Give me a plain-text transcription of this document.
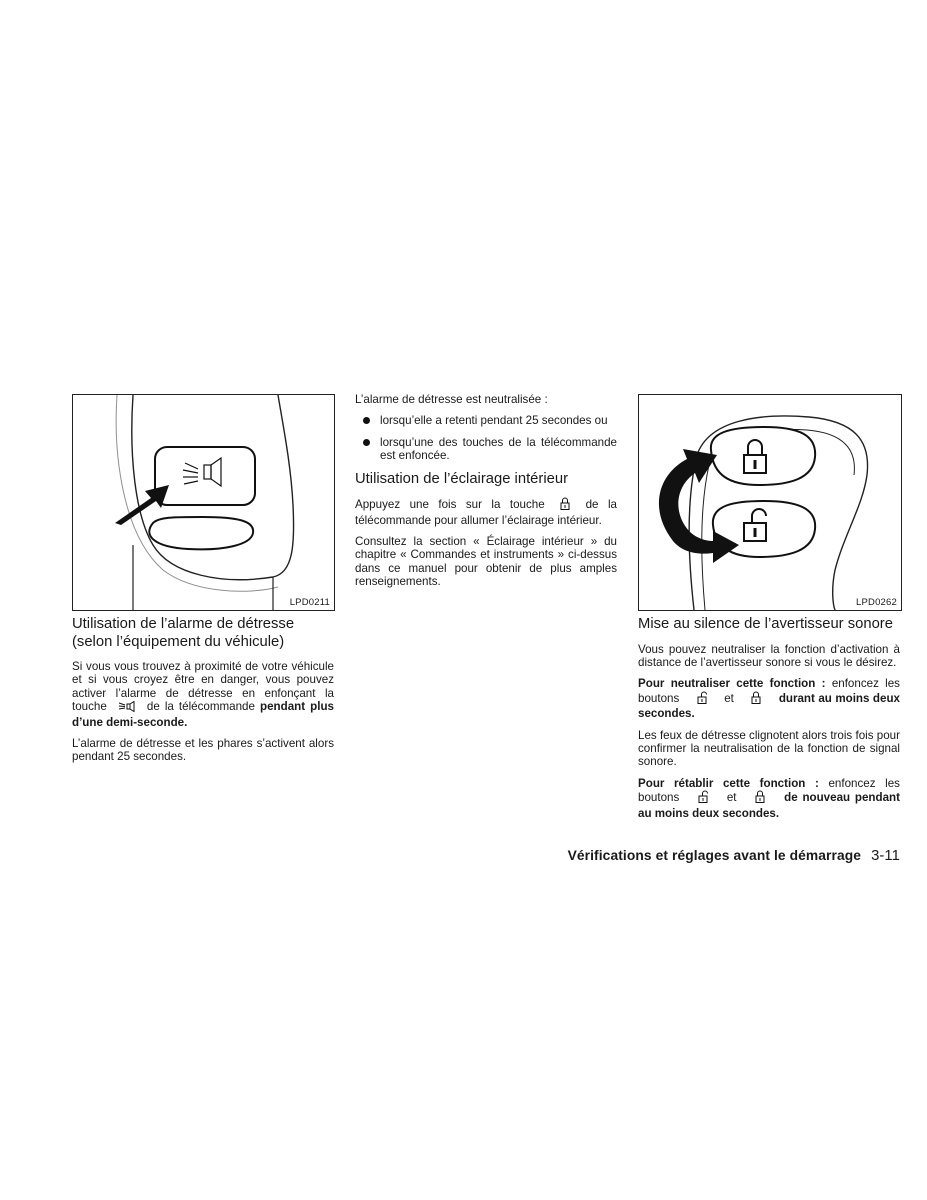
LPD0211
Utilisation de l’alarme de détresse (selon l’équipement du véhicule)

Si vous vous trouvez à proximité de votre véhicule et si vous croyez être en danger, vous pouvez activer l’alarme de détresse en enfonçant la touche	de la télécommande pendant plus d’une demi-seconde.

L’alarme de détresse et les phares s’activent alors pendant 25 secondes.

L’alarme de détresse est neutralisée :

lorsqu’elle a retenti pendant 25 secondes ou
lorsqu’une des touches de la télécommande est enfoncée.
Utilisation de l’éclairage intérieur

Appuyez une fois sur la touche	de la télécommande pour allumer l’éclairage intérieur.

Consultez la section « Éclairage intérieur » du chapitre « Commandes et instruments » ci-dessus dans ce manuel pour obtenir de plus amples renseignements.

LPD0262
Mise au silence de l’avertisseur sonore

Vous pouvez neutraliser la fonction d’activation à distance de l’avertisseur sonore si vous le désirez.

Pour neutraliser cette fonction : enfoncez les boutons	et	durant au moins deux secondes.

Les feux de détresse clignotent alors trois fois pour confirmer la neutralisation de la fonction de signal sonore.

Pour rétablir cette fonction : enfoncez les boutons	et	de nouveau pendant au moins deux secondes.

Vérifications et réglages avant le démarrage 3-11
